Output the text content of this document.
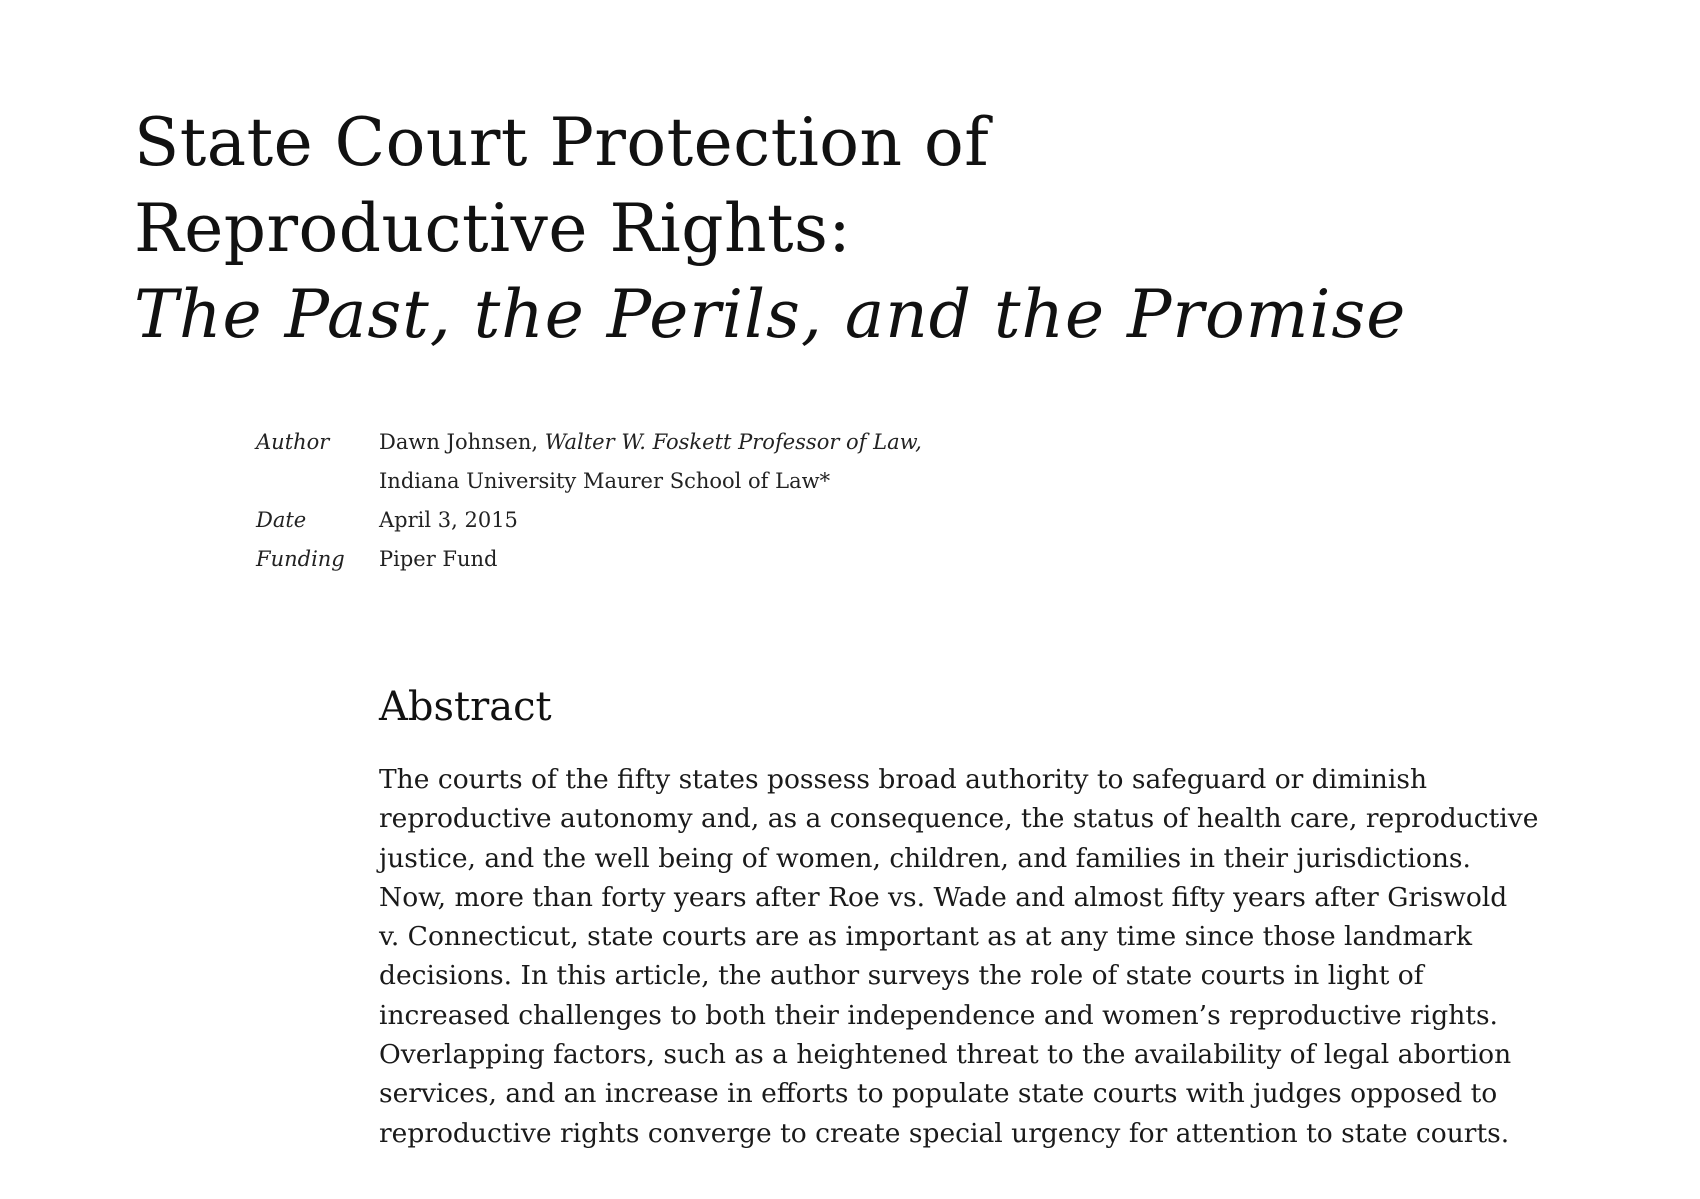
State Court Protection of
Reproductive Rights:
The Past, the Perils, and the Promise
Author	Dawn Johnsen, Walter W. Foskett Professor of Law,
Indiana University Maurer School of Law*
Date	April 3, 2015
Funding	Piper Fund
Abstract
The courts of the fifty states possess broad authority to safeguard or diminish
reproductive autonomy and, as a consequence, the status of health care, reproductive
justice, and the well being of women, children, and families in their jurisdictions.
Now, more than forty years after Roe vs. Wade and almost fifty years after Griswold
v. Connecticut, state courts are as important as at any time since those landmark
decisions. In this article, the author surveys the role of state courts in light of
increased challenges to both their independence and women’s reproductive rights.
Overlapping factors, such as a heightened threat to the availability of legal abortion
services, and an increase in efforts to populate state courts with judges opposed to
reproductive rights converge to create special urgency for attention to state courts.
